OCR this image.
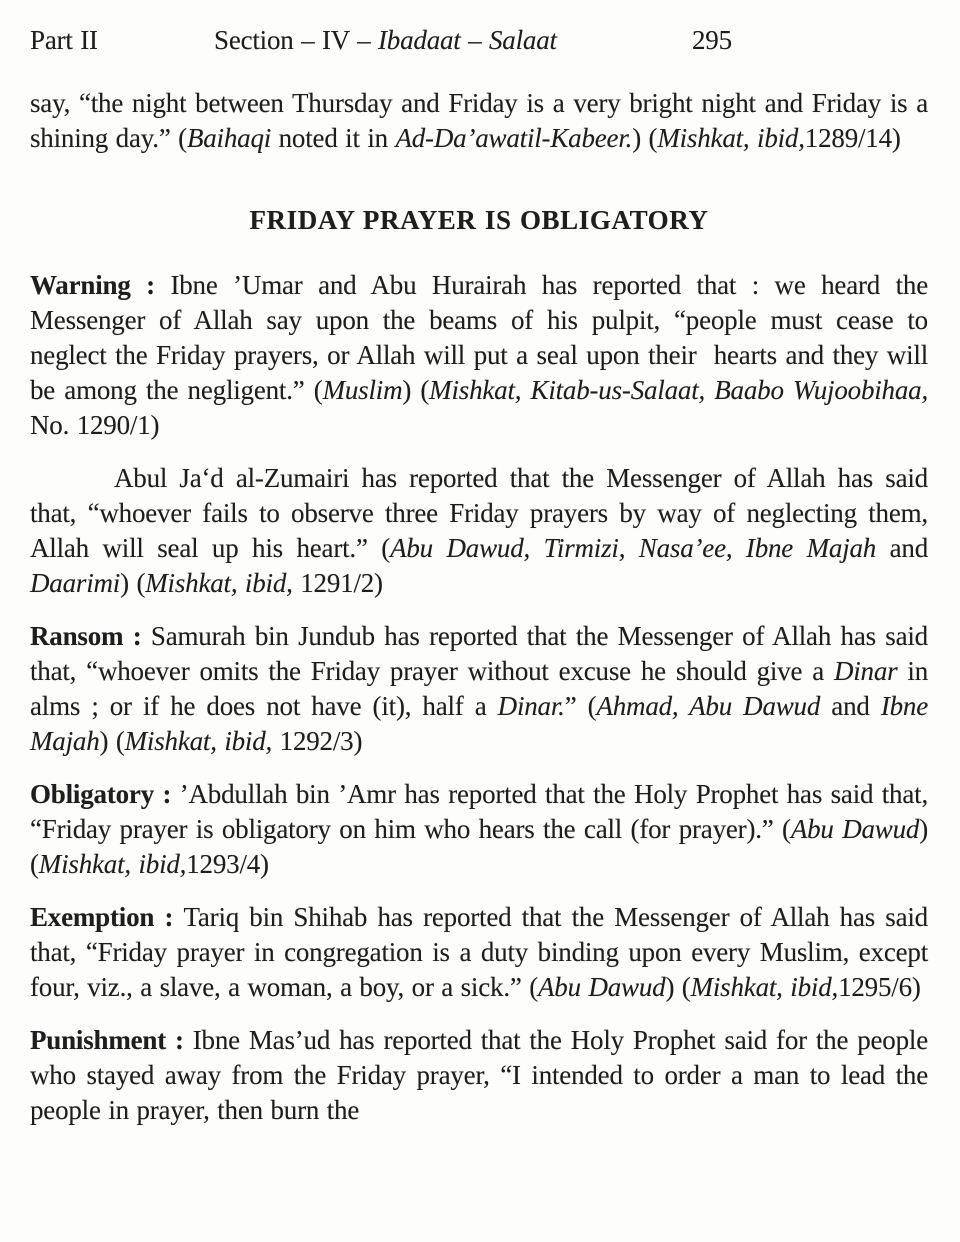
Part II	Section – IV – Ibadaat – Salaat	295

say, “the night between Thursday and Friday is a very bright night and Friday is a shining day.” (Baihaqi noted it in Ad-Da’awatil-Kabeer.) (Mishkat, ibid,1289/14)

FRIDAY PRAYER IS OBLIGATORY

Warning : Ibne ’Umar and Abu Hurairah has reported that : we heard the Messenger of Allah say upon the beams of his pulpit, “people must cease to neglect the Friday prayers, or Allah will put a seal upon their  hearts and they will be among the negligent.” (Muslim) (Mishkat, Kitab-us-Salaat, Baabo Wujoobihaa, No. 1290/1)

Abul Ja‘d al-Zumairi has reported that the Messenger of Allah has said that, “whoever fails to observe three Friday prayers by way of neglecting them, Allah will seal up his heart.” (Abu Dawud, Tirmizi, Nasa’ee, Ibne Majah and Daarimi) (Mishkat, ibid, 1291/2)

Ransom : Samurah bin Jundub has reported that the Messenger of Allah has said that, “whoever omits the Friday prayer without excuse he should give a Dinar in alms ; or if he does not have (it), half a Dinar.” (Ahmad, Abu Dawud and Ibne Majah) (Mishkat, ibid, 1292/3)

Obligatory : ’Abdullah bin ’Amr has reported that the Holy Prophet has said that, “Friday prayer is obligatory on him who hears the call (for prayer).” (Abu Dawud) (Mishkat, ibid,1293/4)

Exemption : Tariq bin Shihab has reported that the Messenger of Allah has said that, “Friday prayer in congregation is a duty binding upon every Muslim, except four, viz., a slave, a woman, a boy, or a sick.” (Abu Dawud) (Mishkat, ibid,1295/6)

Punishment : Ibne Mas’ud has reported that the Holy Prophet said for the people who stayed away from the Friday prayer, “I intended to order a man to lead the people in prayer, then burn the
